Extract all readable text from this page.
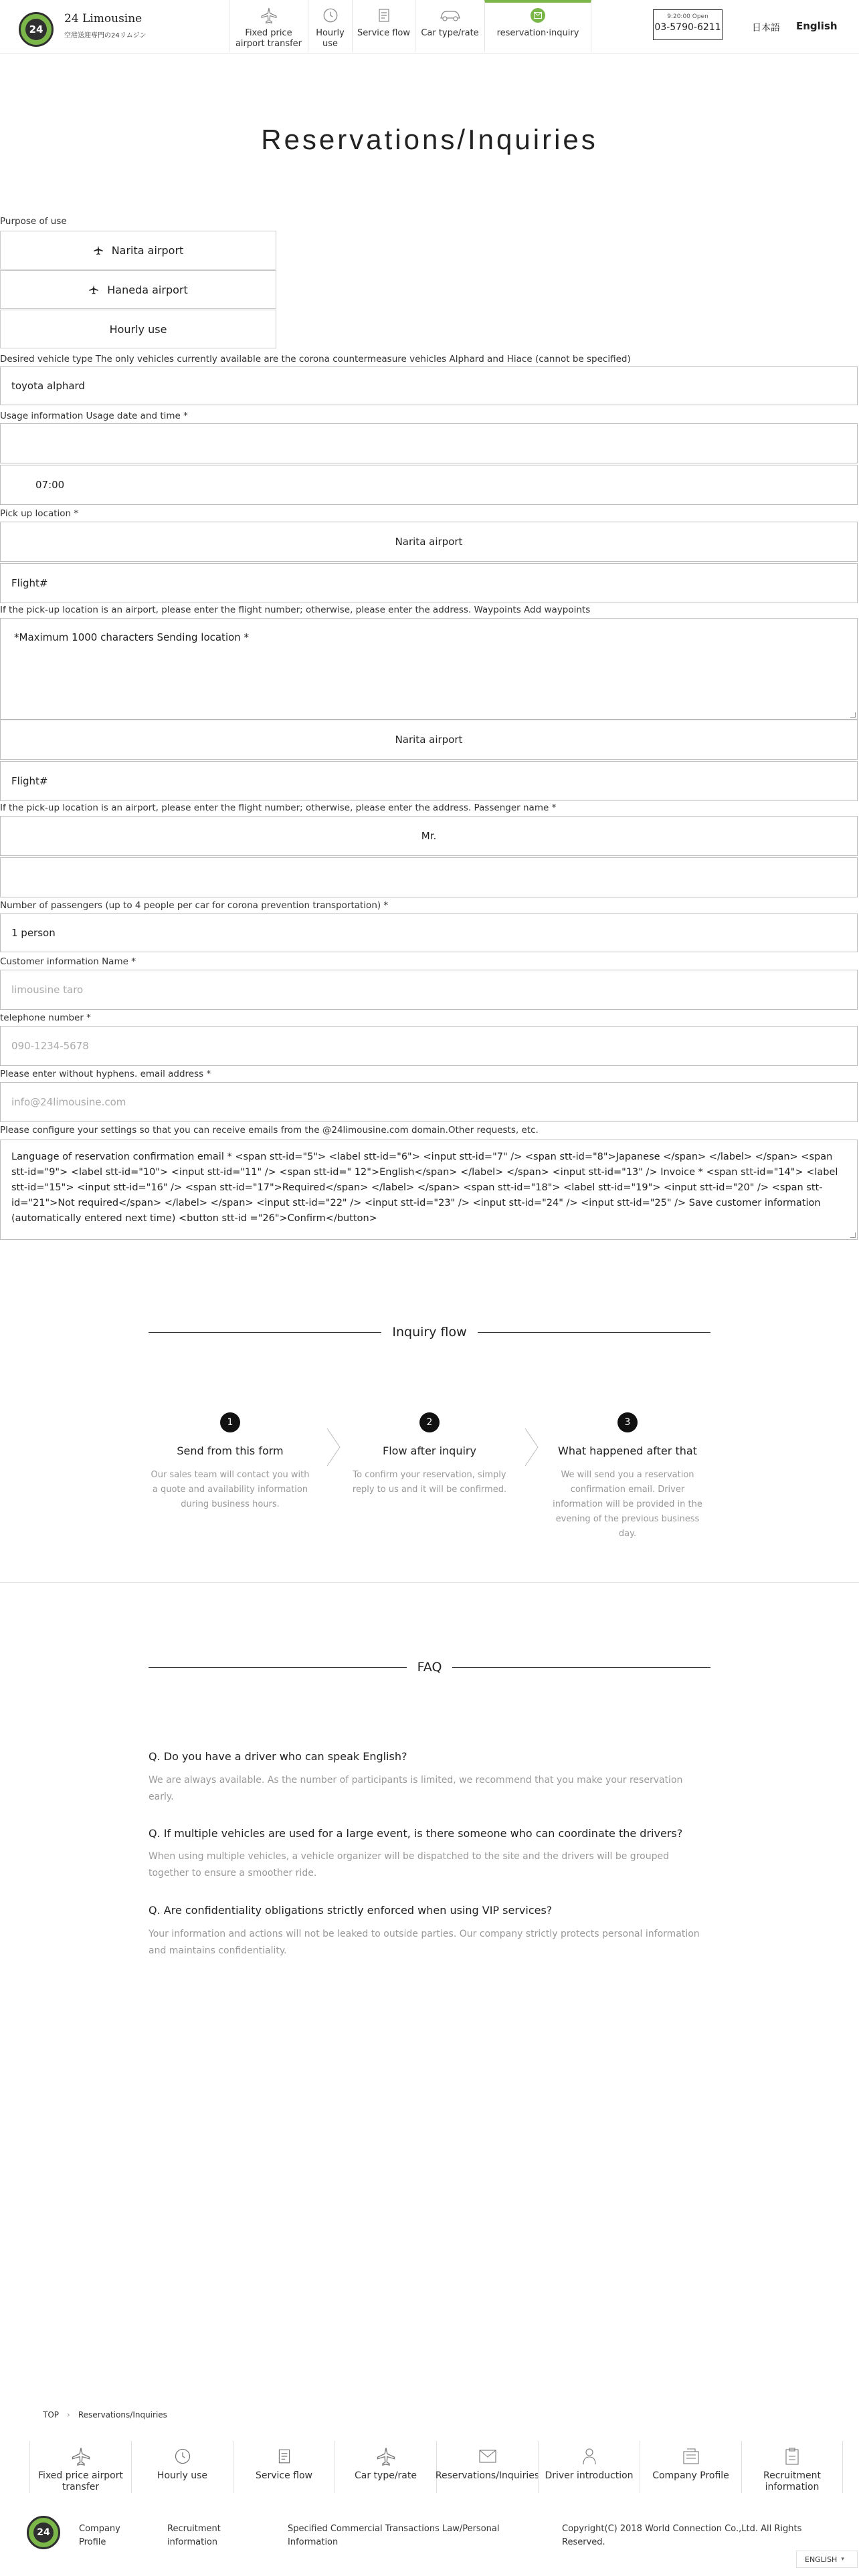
24
24 Limousine
空港送迎専門の24リムジン	Fixed price airport transfer
Hourly use
Service flow Car type/rate reservation·inquiry
9:20:00 Open
03-5790-6211	日本語 English
Reservations/Inquiries
Purpose of use
Narita airport
Haneda airport
Hourly use
Desired vehicle type The only vehicles currently available are the corona countermeasure vehicles Alphard and Hiace (cannot be specified)
toyota alphard
Usage information Usage date and time *
07:00
Pick up location *
Narita airport
Flight#
If the pick-up location is an airport, please enter the flight number; otherwise, please enter the address. Waypoints Add waypoints
*Maximum 1000 characters Sending location *
Narita airport
Flight#
If the pick-up location is an airport, please enter the flight number; otherwise, please enter the address. Passenger name *
Mr.
Number of passengers (up to 4 people per car for corona prevention transportation) *
1 person
Customer information Name *
limousine taro
telephone number *
090-1234-5678
Please enter without hyphens. email address *
info@24limousine.com
Please configure your settings so that you can receive emails from the @24limousine.com domain.Other requests, etc.
Language of reservation confirmation email * <span stt-id="5"> <label stt-id="6"> <input stt-id="7" /> <span stt-id="8">Japanese </span> </label> </span> <span stt-id="9"> <label stt-id="10"> <input stt-id="11" /> <span stt-id=" 12">English</span> </label> </span> <input stt-id="13" /> Invoice * <span stt-id="14"> <label stt-id="15"> <input stt-id="16" /> <span stt-id="17">Required</span> </label> </span> <span stt-id="18"> <label stt-id="19"> <input stt-id="20" /> <span stt-id="21">Not required</span> </label> </span> <input stt-id="22" /> <input stt-id="23" /> <input stt-id="24" /> <input stt-id="25" /> Save customer information (automatically entered next time) <button stt-id ="26">Confirm</button>
Inquiry flow
1
Send from this form
Our sales team will contact you with a quote and availability information during business hours.
2
Flow after inquiry
To confirm your reservation, simply reply to us and it will be confirmed.
3
What happened after that
We will send you a reservation confirmation email. Driver information will be provided in the evening of the previous business day.
FAQ
Q. Do you have a driver who can speak English?
We are always available. As the number of participants is limited, we recommend that you make your reservation early.
Q. If multiple vehicles are used for a large event, is there someone who can coordinate the drivers?
When using multiple vehicles, a vehicle organizer will be dispatched to the site and the drivers will be grouped together to ensure a smoother ride.
Q. Are confidentiality obligations strictly enforced when using VIP services?
Your information and actions will not be leaked to outside parties. Our company strictly protects personal information and maintains confidentiality.
TOP › Reservations/Inquiries
Fixed price airport transfer
Hourly use	Service flow	Car type/rate Reservations/Inquiries Driver introduction Company Profile	Recruitment information
24	Company Profile
Recruitment information
Specified Commercial Transactions Law/Personal Information
Copyright(C) 2018 World Connection Co.,Ltd. All Rights Reserved.
ENGLISH ▾
